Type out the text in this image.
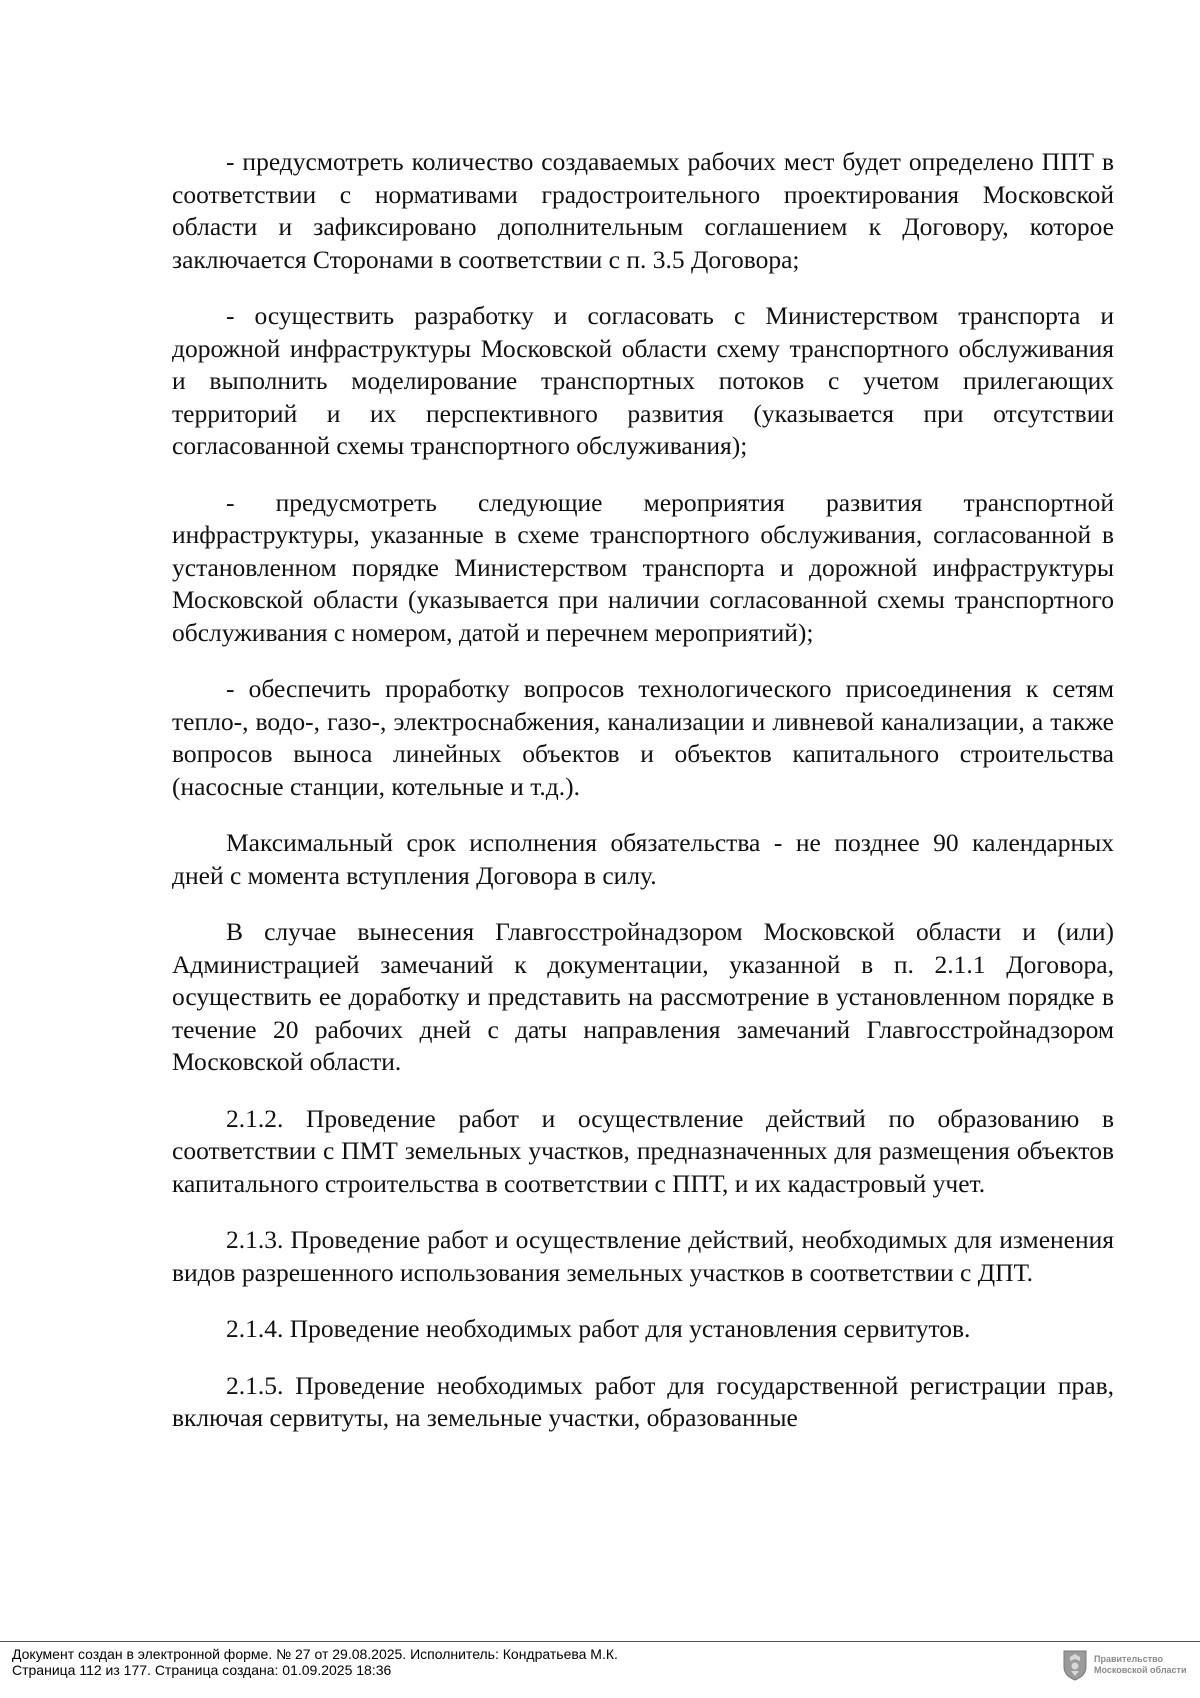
- предусмотреть количество создаваемых рабочих мест будет определено ППТ в соответствии с нормативами градостроительного проектирования Московской области и зафиксировано дополнительным соглашением к Договору, которое заключается Сторонами в соответствии с п. 3.5 Договора;

- осуществить разработку и согласовать с Министерством транспорта и дорожной инфраструктуры Московской области схему транспортного обслуживания и выполнить моделирование транспортных потоков с учетом прилегающих территорий и их перспективного развития (указывается при отсутствии согласованной схемы транспортного обслуживания);

- предусмотреть следующие мероприятия развития транспортной инфраструктуры, указанные в схеме транспортного обслуживания, согласованной в установленном порядке Министерством транспорта и дорожной инфраструктуры Московской области (указывается при наличии согласованной схемы транспортного обслуживания с номером, датой и перечнем мероприятий);

- обеспечить проработку вопросов технологического присоединения к сетям тепло-, водо-, газо-, электроснабжения, канализации и ливневой канализации, а также вопросов выноса линейных объектов и объектов капитального строительства (насосные станции, котельные и т.д.).

Максимальный срок исполнения обязательства - не позднее 90 календарных дней с момента вступления Договора в силу.

В случае вынесения Главгосстройнадзором Московской области и (или) Администрацией замечаний к документации, указанной в п. 2.1.1 Договора, осуществить ее доработку и представить на рассмотрение в установленном порядке в течение 20 рабочих дней с даты направления замечаний Главгосстройнадзором Московской области.

2.1.2. Проведение работ и осуществление действий по образованию в соответствии с ПМТ земельных участков, предназначенных для размещения объектов капитального строительства в соответствии с ППТ, и их кадастровый учет.

2.1.3. Проведение работ и осуществление действий, необходимых для изменения видов разрешенного использования земельных участков в соответствии с ДПТ.

2.1.4. Проведение необходимых работ для установления сервитутов.

2.1.5. Проведение необходимых работ для государственной регистрации прав, включая сервитуты, на земельные участки, образованные

Документ создан в электронной форме. № 27 от 29.08.2025. Исполнитель: Кондратьева М.К.
Страница 112 из 177. Страница создана: 01.09.2025 18:36
Правительство
Московской области
